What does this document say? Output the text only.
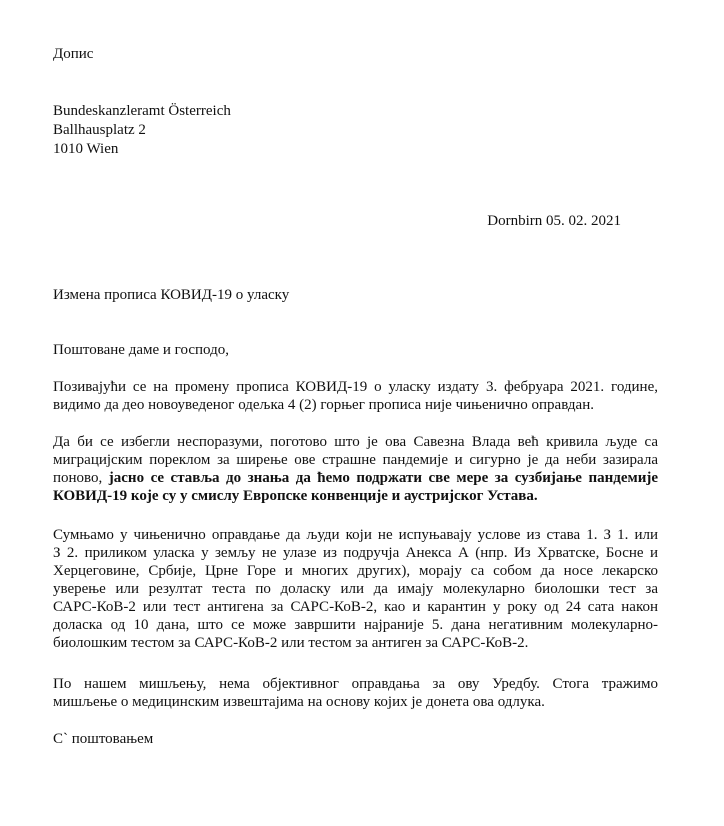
Допис
Bundeskanzleramt Österreich
Ballhausplatz 2
1010 Wien
Dornbirn 05. 02. 2021
Измена прописа КОВИД-19 о уласку
Поштоване даме и господо,
Позивајући се на промену прописа КОВИД-19 о уласку издату 3. фебруара 2021. године,
видимо да део новоуведеног одељка 4 (2) горњег прописа није чињенично оправдан.
Да би се избегли неспоразуми, поготово што је ова Савезна Влада већ кривила људе са
миграцијским пореклом за ширење ове страшне пандемије и сигурно је да неби зазирала
поново, јасно се ставља до знања да ћемо подржати све мере за сузбијање пандемије
КОВИД-19 које су у смислу Европске конвенције и аустријског Устава.
Сумњамо у чињенично оправдање да људи који не испуњавају услове из става 1. З 1. или
З 2. приликом уласка у земљу не улазе из подручја Анекса А (нпр. Из Хрватске, Босне и
Херцеговине, Србије, Црне Горе и многих других), морају са собом да носе лекарско
уверење или резултат теста по доласку или да имају молекуларно биолошки тест за
САРС-КоВ-2 или тест антигена за САРС-КоВ-2, као и карантин у року од 24 сата након
доласка од 10 дана, што се може завршити најраније 5. дана негативним молекуларно-
биолошким тестом за САРС-КоВ-2 или тестом за антиген за САРС-КоВ-2.
По нашем мишљењу, нема објективног оправдања за ову Уредбу. Стога тражимо
мишљење о медицинским извештајима на основу којих је донета ова одлука.
С` поштовањем
